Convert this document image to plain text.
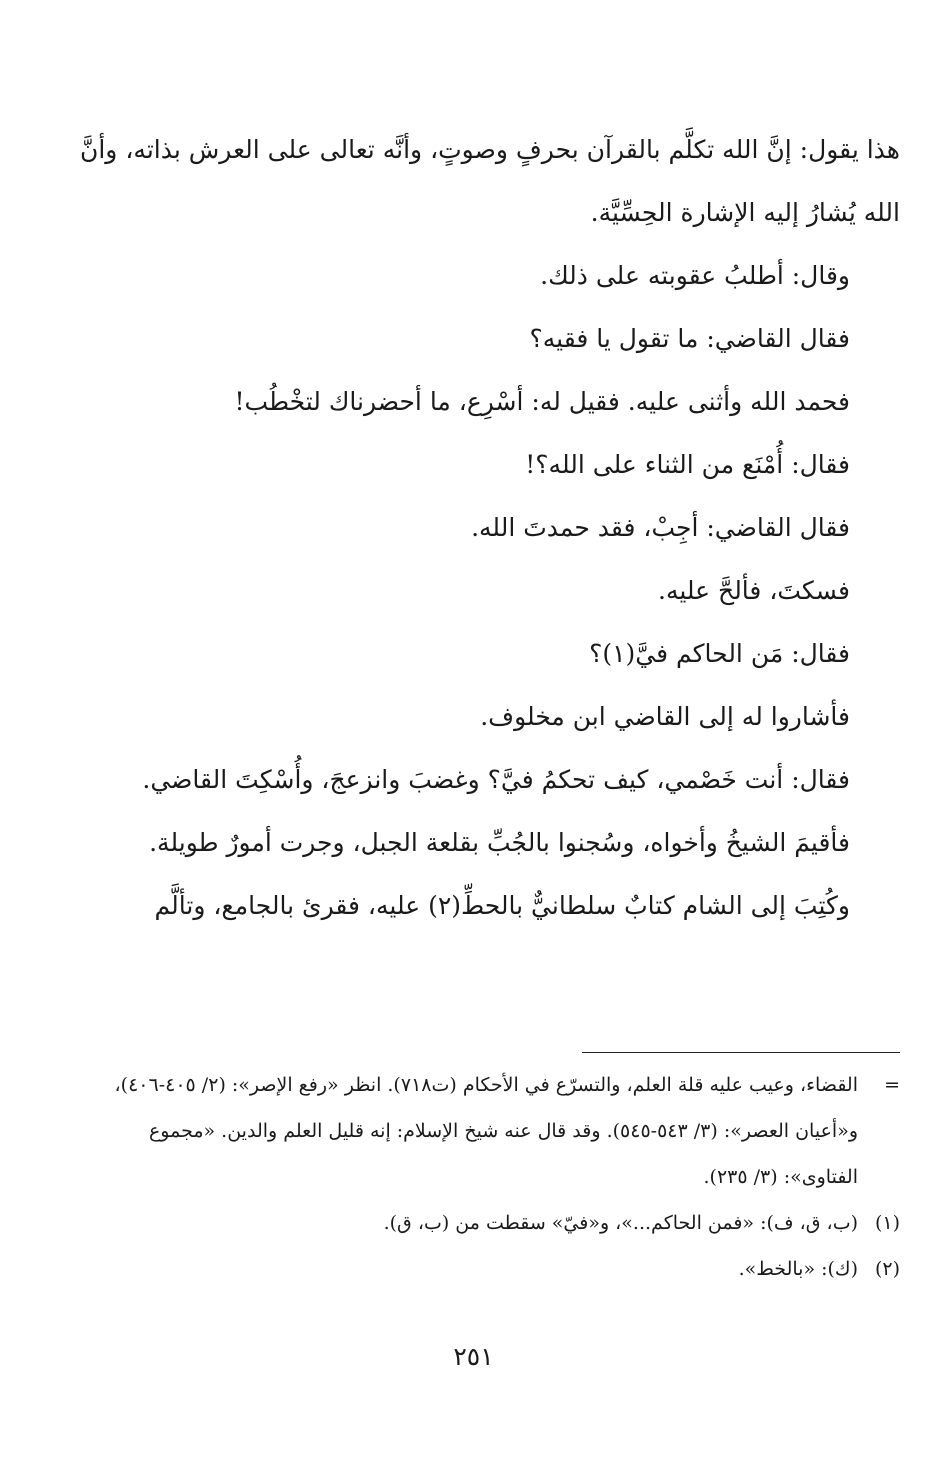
هذا يقول: إنَّ الله تكلَّم بالقرآن بحرفٍ وصوتٍ، وأنَّه تعالى على العرش بذاته، وأنَّ الله يُشارُ إليه الإشارة الحِسِّيَّة.

وقال: أطلبُ عقوبته على ذلك.

فقال القاضي: ما تقول يا فقيه؟

فحمد الله وأثنى عليه. فقيل له: أسْرِع، ما أحضرناك لتخْطُب!

فقال: أُمْنَع من الثناء على الله؟!

فقال القاضي: أجِبْ، فقد حمدتَ الله.

فسكتَ، فألحَّ عليه.

فقال: مَن الحاكم فيَّ(١)؟

فأشاروا له إلى القاضي ابن مخلوف.

فقال: أنت خَصْمي، كيف تحكمُ فيَّ؟ وغضبَ وانزعجَ، وأُسْكِتَ القاضي.

فأقيمَ الشيخُ وأخواه، وسُجنوا بالجُبِّ بقلعة الجبل، وجرت أمورٌ طويلة.

وكُتِبَ إلى الشام كتابٌ سلطانيٌّ بالحطِّ(٢) عليه، فقرئ بالجامع، وتألَّم

=
القضاء، وعيب عليه قلة العلم، والتسرّع في الأحكام (ت٧١٨). انظر «رفع الإصر»: (٢/ ٤٠٥-٤٠٦)، و«أعيان العصر»: (٣/ ٥٤٣-٥٤٥). وقد قال عنه شيخ الإسلام: إنه قليل العلم والدين. «مجموع الفتاوى»: (٣/ ٢٣٥).

(١)
(ب، ق، ف): «فمن الحاكم...»، و«فيّ» سقطت من (ب، ق).

(٢)
(ك): «بالخط».

٢٥١
